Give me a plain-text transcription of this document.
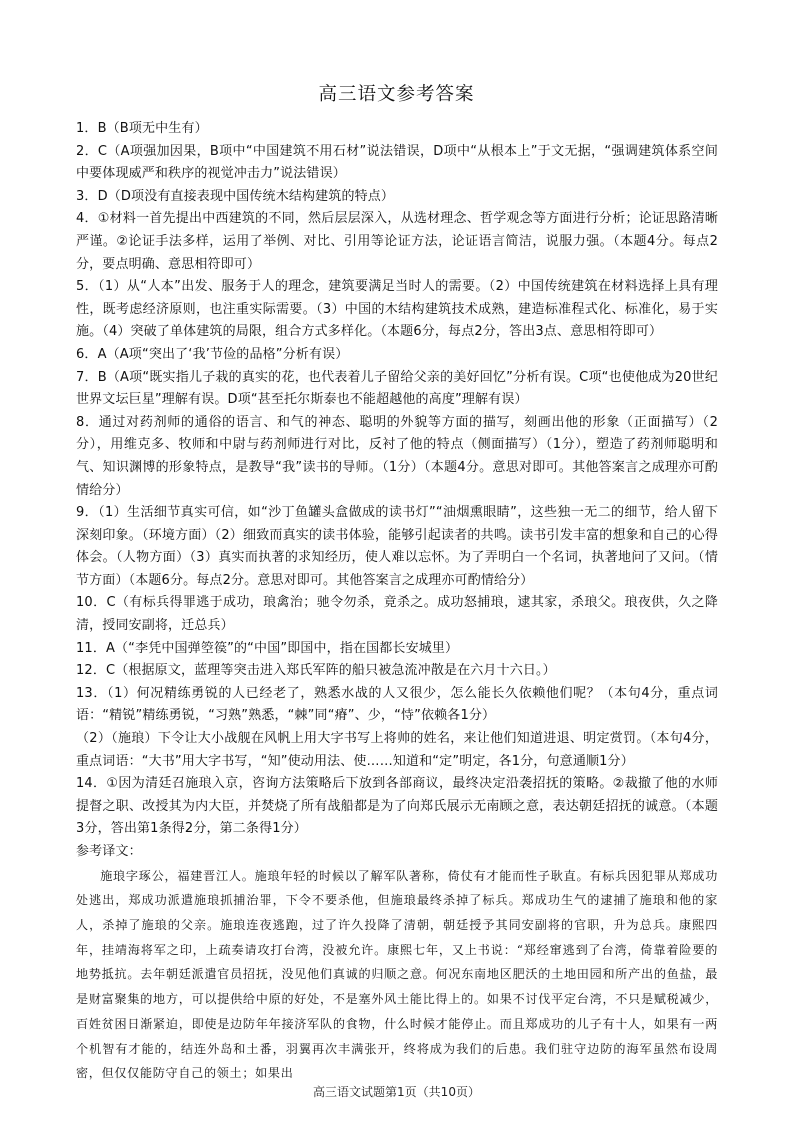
高三语文参考答案

1．B（B项无中生有）

2．C（A项强加因果，B项中“中国建筑不用石材”说法错误，D项中“从根本上”于文无据，“强调建筑体系空间中要体现威严和秩序的视觉冲击力”说法错误）

3．D（D项没有直接表现中国传统木结构建筑的特点）

4．①材料一首先提出中西建筑的不同，然后层层深入，从选材理念、哲学观念等方面进行分析；论证思路清晰严谨。②论证手法多样，运用了举例、对比、引用等论证方法，论证语言简洁，说服力强。（本题4分。每点2分，要点明确、意思相符即可）

5．（1）从“人本”出发、服务于人的理念，建筑要满足当时人的需要。（2）中国传统建筑在材料选择上具有理性，既考虑经济原则，也注重实际需要。（3）中国的木结构建筑技术成熟，建造标准程式化、标准化，易于实施。（4）突破了单体建筑的局限，组合方式多样化。（本题6分，每点2分，答出3点、意思相符即可）

6．A（A项“突出了‘我’节俭的品格”分析有误）

7．B（A项“既实指儿子栽的真实的花，也代表着儿子留给父亲的美好回忆”分析有误。C项“也使他成为20世纪世界文坛巨星”理解有误。D项“甚至托尔斯泰也不能超越他的高度”理解有误）

8．通过对药剂师的通俗的语言、和气的神态、聪明的外貌等方面的描写，刻画出他的形象（正面描写）（2分），用维克多、牧师和中尉与药剂师进行对比，反衬了他的特点（侧面描写）（1分），塑造了药剂师聪明和气、知识渊博的形象特点，是教导“我”读书的导师。（1分）（本题4分。意思对即可。其他答案言之成理亦可酌情给分）

9．（1）生活细节真实可信，如“沙丁鱼罐头盒做成的读书灯”“油烟熏眼睛”，这些独一无二的细节，给人留下深刻印象。（环境方面）（2）细致而真实的读书体验，能够引起读者的共鸣。读书引发丰富的想象和自己的心得体会。（人物方面）（3）真实而执著的求知经历，使人难以忘怀。为了弄明白一个名词，执著地问了又问。（情节方面）（本题6分。每点2分。意思对即可。其他答案言之成理亦可酌情给分）

10．C（有标兵得罪逃于成功，琅禽治；驰令勿杀，竟杀之。成功怒捕琅，逮其家，杀琅父。琅夜供，久之降清，授同安副将，迁总兵）

11．A（“李凭中国弹箜篌”的“中国”即国中，指在国都长安城里）

12．C（根据原文，蓝理等突击进入郑氏军阵的船只被急流冲散是在六月十六日。）

13．（1）何况精练勇锐的人已经老了，熟悉水战的人又很少，怎么能长久依赖他们呢？（本句4分，重点词语：“精锐”精练勇锐，“习熟”熟悉，“棘”同“瘠”、少，“恃”依赖各1分）

（2）（施琅）下令让大小战舰在风帆上用大字书写上将帅的姓名，来让他们知道进退、明定赏罚。（本句4分，重点词语：“大书”用大字书写，“知”使动用法、使……知道和“定”明定，各1分，句意通顺1分）

14．①因为清廷召施琅入京，咨询方法策略后下放到各部商议，最终决定沿袭招抚的策略。②裁撤了他的水师提督之职、改授其为内大臣，并焚烧了所有战船都是为了向郑氏展示无南顾之意，表达朝廷招抚的诚意。（本题3分，答出第1条得2分，第二条得1分）

参考译文：

施琅字琢公，福建晋江人。施琅年轻的时候以了解军队著称，倚仗有才能而性子耿直。有标兵因犯罪从郑成功处逃出，郑成功派遣施琅抓捕治罪，下令不要杀他，但施琅最终杀掉了标兵。郑成功生气的逮捕了施琅和他的家人，杀掉了施琅的父亲。施琅连夜逃跑，过了许久投降了清朝，朝廷授予其同安副将的官职，升为总兵。康熙四年，挂靖海将军之印，上疏奏请攻打台湾，没被允许。康熙七年，又上书说：“郑经窜逃到了台湾，倚靠着险要的地势抵抗。去年朝廷派遣官员招抚，没见他们真诚的归顺之意。何况东南地区肥沃的土地田园和所产出的鱼盐，最是财富聚集的地方，可以提供给中原的好处，不是塞外风土能比得上的。如果不讨伐平定台湾，不只是赋税减少，百姓贫困日渐紧迫，即使是边防年年接济军队的食物，什么时候才能停止。而且郑成功的儿子有十人，如果有一两个机智有才能的，结连外岛和土番，羽翼再次丰满张开，终将成为我们的后患。我们驻守边防的海军虽然布设周密，但仅仅能防守自己的领土；如果出

高三语文试题第1页（共10页）
